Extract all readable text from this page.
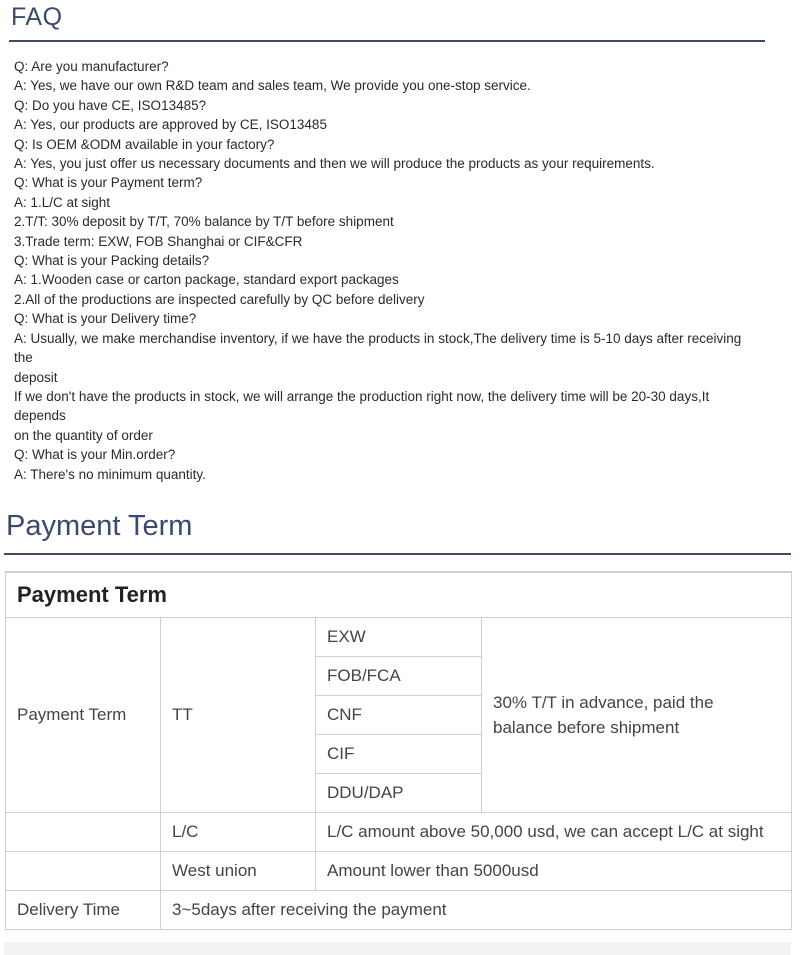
FAQ
Q: Are you manufacturer?
A: Yes, we have our own R&D team and sales team, We provide you one-stop service.
Q: Do you have CE, ISO13485?
A: Yes, our products are approved by CE, ISO13485
Q: Is OEM &ODM available in your factory?
A: Yes, you just offer us necessary documents and then we will produce the products as your requirements.
Q: What is your Payment term?
A: 1.L/C at sight
2.T/T: 30% deposit by T/T, 70% balance by T/T before shipment
3.Trade term: EXW, FOB Shanghai or CIF&CFR
Q: What is your Packing details?
A: 1.Wooden case or carton package, standard export packages
2.All of the productions are inspected carefully by QC before delivery
Q: What is your Delivery time?
A: Usually, we make merchandise inventory, if we have the products in stock,The delivery time is 5-10 days after receiving
the
deposit
If we don't have the products in stock, we will arrange the production right now, the delivery time will be 20-30 days,It
depends
on the quantity of order
Q: What is your Min.order?
A: There's no minimum quantity.
Payment Term
Payment Term			
Payment Term	TT	EXW	30% T/T in advance, paid the balance before shipment

		FOB/FCA	
		CNF	
		CIF	
		DDU/DAP	
	L/C	L/C amount above 50,000 usd, we can accept L/C at sight	
	West union	Amount lower than 5000usd	
Delivery Time	3~5days after receiving the payment		
